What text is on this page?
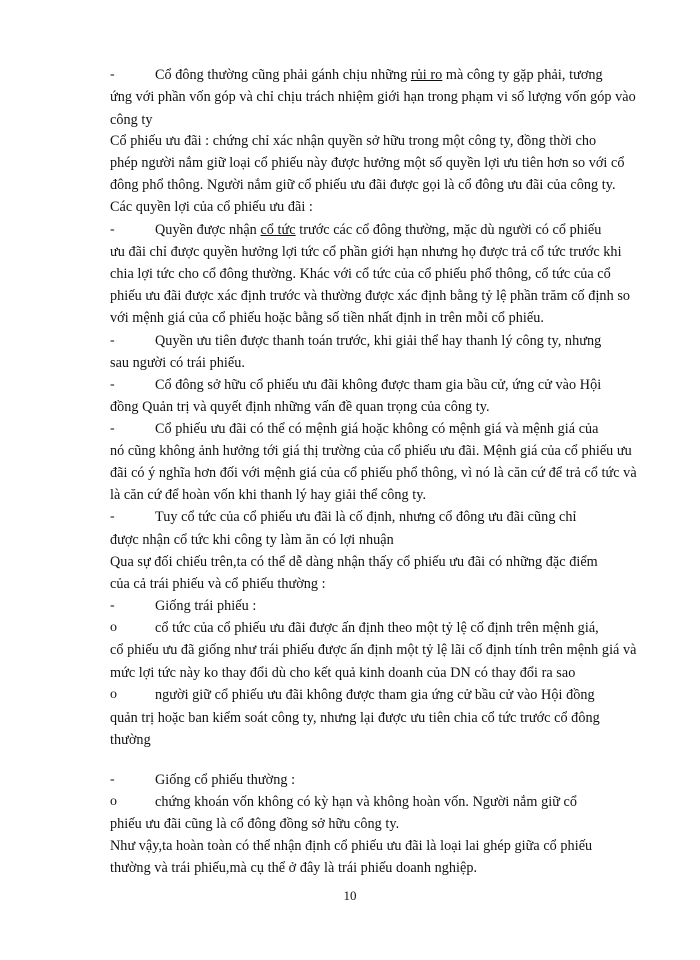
-	Cổ đông thường cũng phải gánh chịu những rủi ro mà công ty gặp phải, tương
ứng với phần vốn góp và chỉ chịu trách nhiệm giới hạn trong phạm vi số lượng vốn góp vào
công ty
Cổ phiếu ưu đãi : chứng chỉ xác nhận quyền sở hữu trong một công ty, đồng thời cho
phép người nắm giữ loại cổ phiếu này được hưởng một số quyền lợi ưu tiên hơn so với cổ
đông phổ thông. Người nắm giữ cổ phiếu ưu đãi được gọi là cổ đông ưu đãi của công ty.
Các quyền lợi của cổ phiếu ưu đãi :
-	Quyền được nhận cổ tức trước các cổ đông thường, mặc dù người có cổ phiếu
ưu đãi chỉ được quyền hưởng lợi tức cổ phần giới hạn nhưng họ được trả cổ tức trước khi
chia lợi tức cho cổ đông thường. Khác với cổ tức của cổ phiếu phổ thông, cổ tức của cổ
phiếu ưu đãi được xác định trước và thường được xác định bằng tỷ lệ phần trăm cố định so
với mệnh giá của cổ phiếu hoặc bằng số tiền nhất định in trên mỗi cổ phiếu.
-	Quyền ưu tiên được thanh toán trước, khi giải thể hay thanh lý công ty, nhưng
sau người có trái phiếu.
-	Cổ đông sở hữu cổ phiếu ưu đãi không được tham gia bầu cử, ứng cử vào Hội
đồng Quản trị và quyết định những vấn đề quan trọng của công ty.
-	Cổ phiếu ưu đãi có thể có mệnh giá hoặc không có mệnh giá và mệnh giá của
nó cũng không ảnh hưởng tới giá thị trường của cổ phiếu ưu đãi. Mệnh giá của cổ phiếu ưu
đãi có ý nghĩa hơn đối với mệnh giá của cổ phiếu phổ thông, vì nó là căn cứ để trả cổ tức và
là căn cứ để hoàn vốn khi thanh lý hay giải thể công ty.
-	Tuy cổ tức của cổ phiếu ưu đãi là cố định, nhưng cổ đông ưu đãi cũng chỉ
được nhận cổ tức khi công ty làm ăn có lợi nhuận
Qua sự đối chiếu trên,ta có thể dễ dàng nhận thấy cổ phiếu ưu đãi có những đặc điểm
của cả trái phiếu và cổ phiếu thường :
-	Giống trái phiếu :
o	cổ tức của cổ phiếu ưu đãi được ấn định theo một tỷ lệ cố định trên mệnh giá,
cổ phiếu ưu đã giống như trái phiếu được ấn định một tỷ lệ lãi cố định tính trên mệnh giá và
mức lợi tức này ko thay đổi dù cho kết quả kinh doanh của DN có thay đổi ra sao
o	người giữ cổ phiếu ưu đãi không được tham gia ứng cử bầu cử vào Hội đồng
quản trị hoặc ban kiểm soát công ty, nhưng lại được ưu tiên chia cổ tức trước cổ đông
thường
-	Giống cổ phiếu thường :
o	chứng khoán vốn không có kỳ hạn và không hoàn vốn. Người nắm giữ cổ
phiếu ưu đãi cũng là cổ đông đồng sở hữu công ty.
Như vậy,ta hoàn toàn có thể nhận định cổ phiếu ưu đãi là loại lai ghép giữa cổ phiếu
thường và trái phiếu,mà cụ thể ở đây là trái phiếu doanh nghiệp.
10
